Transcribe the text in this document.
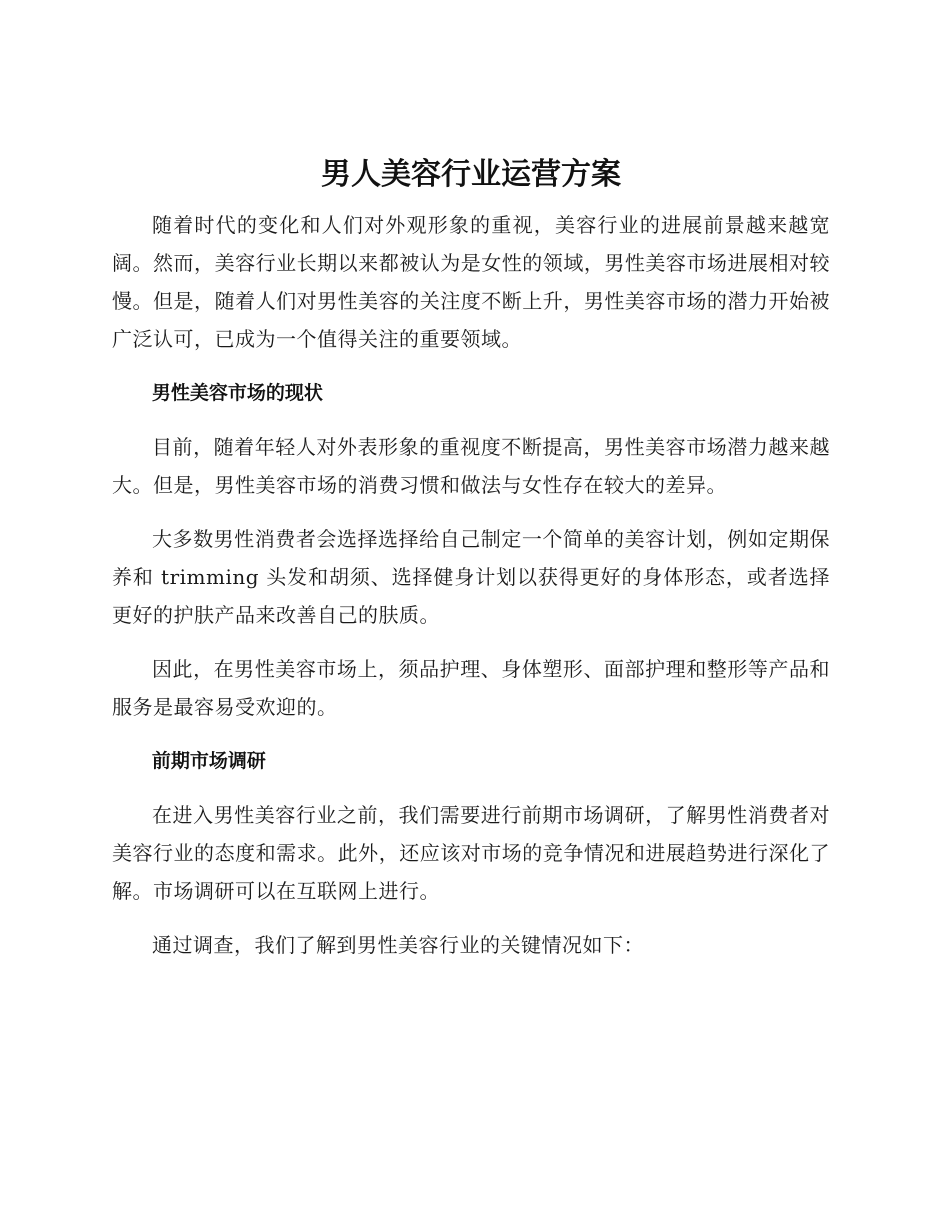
男人美容行业运营方案

随着时代的变化和人们对外观形象的重视，美容行业的进展前景越来越宽阔。然而，美容行业长期以来都被认为是女性的领域，男性美容市场进展相对较慢。但是，随着人们对男性美容的关注度不断上升，男性美容市场的潜力开始被广泛认可，已成为一个值得关注的重要领域。

男性美容市场的现状

目前，随着年轻人对外表形象的重视度不断提高，男性美容市场潜力越来越大。但是，男性美容市场的消费习惯和做法与女性存在较大的差异。

大多数男性消费者会选择选择给自己制定一个简单的美容计划，例如定期保养和 trimming 头发和胡须、选择健身计划以获得更好的身体形态，或者选择更好的护肤产品来改善自己的肤质。

因此，在男性美容市场上，须品护理、身体塑形、面部护理和整形等产品和服务是最容易受欢迎的。

前期市场调研

在进入男性美容行业之前，我们需要进行前期市场调研，了解男性消费者对美容行业的态度和需求。此外，还应该对市场的竞争情况和进展趋势进行深化了解。市场调研可以在互联网上进行。

通过调查，我们了解到男性美容行业的关键情况如下：
